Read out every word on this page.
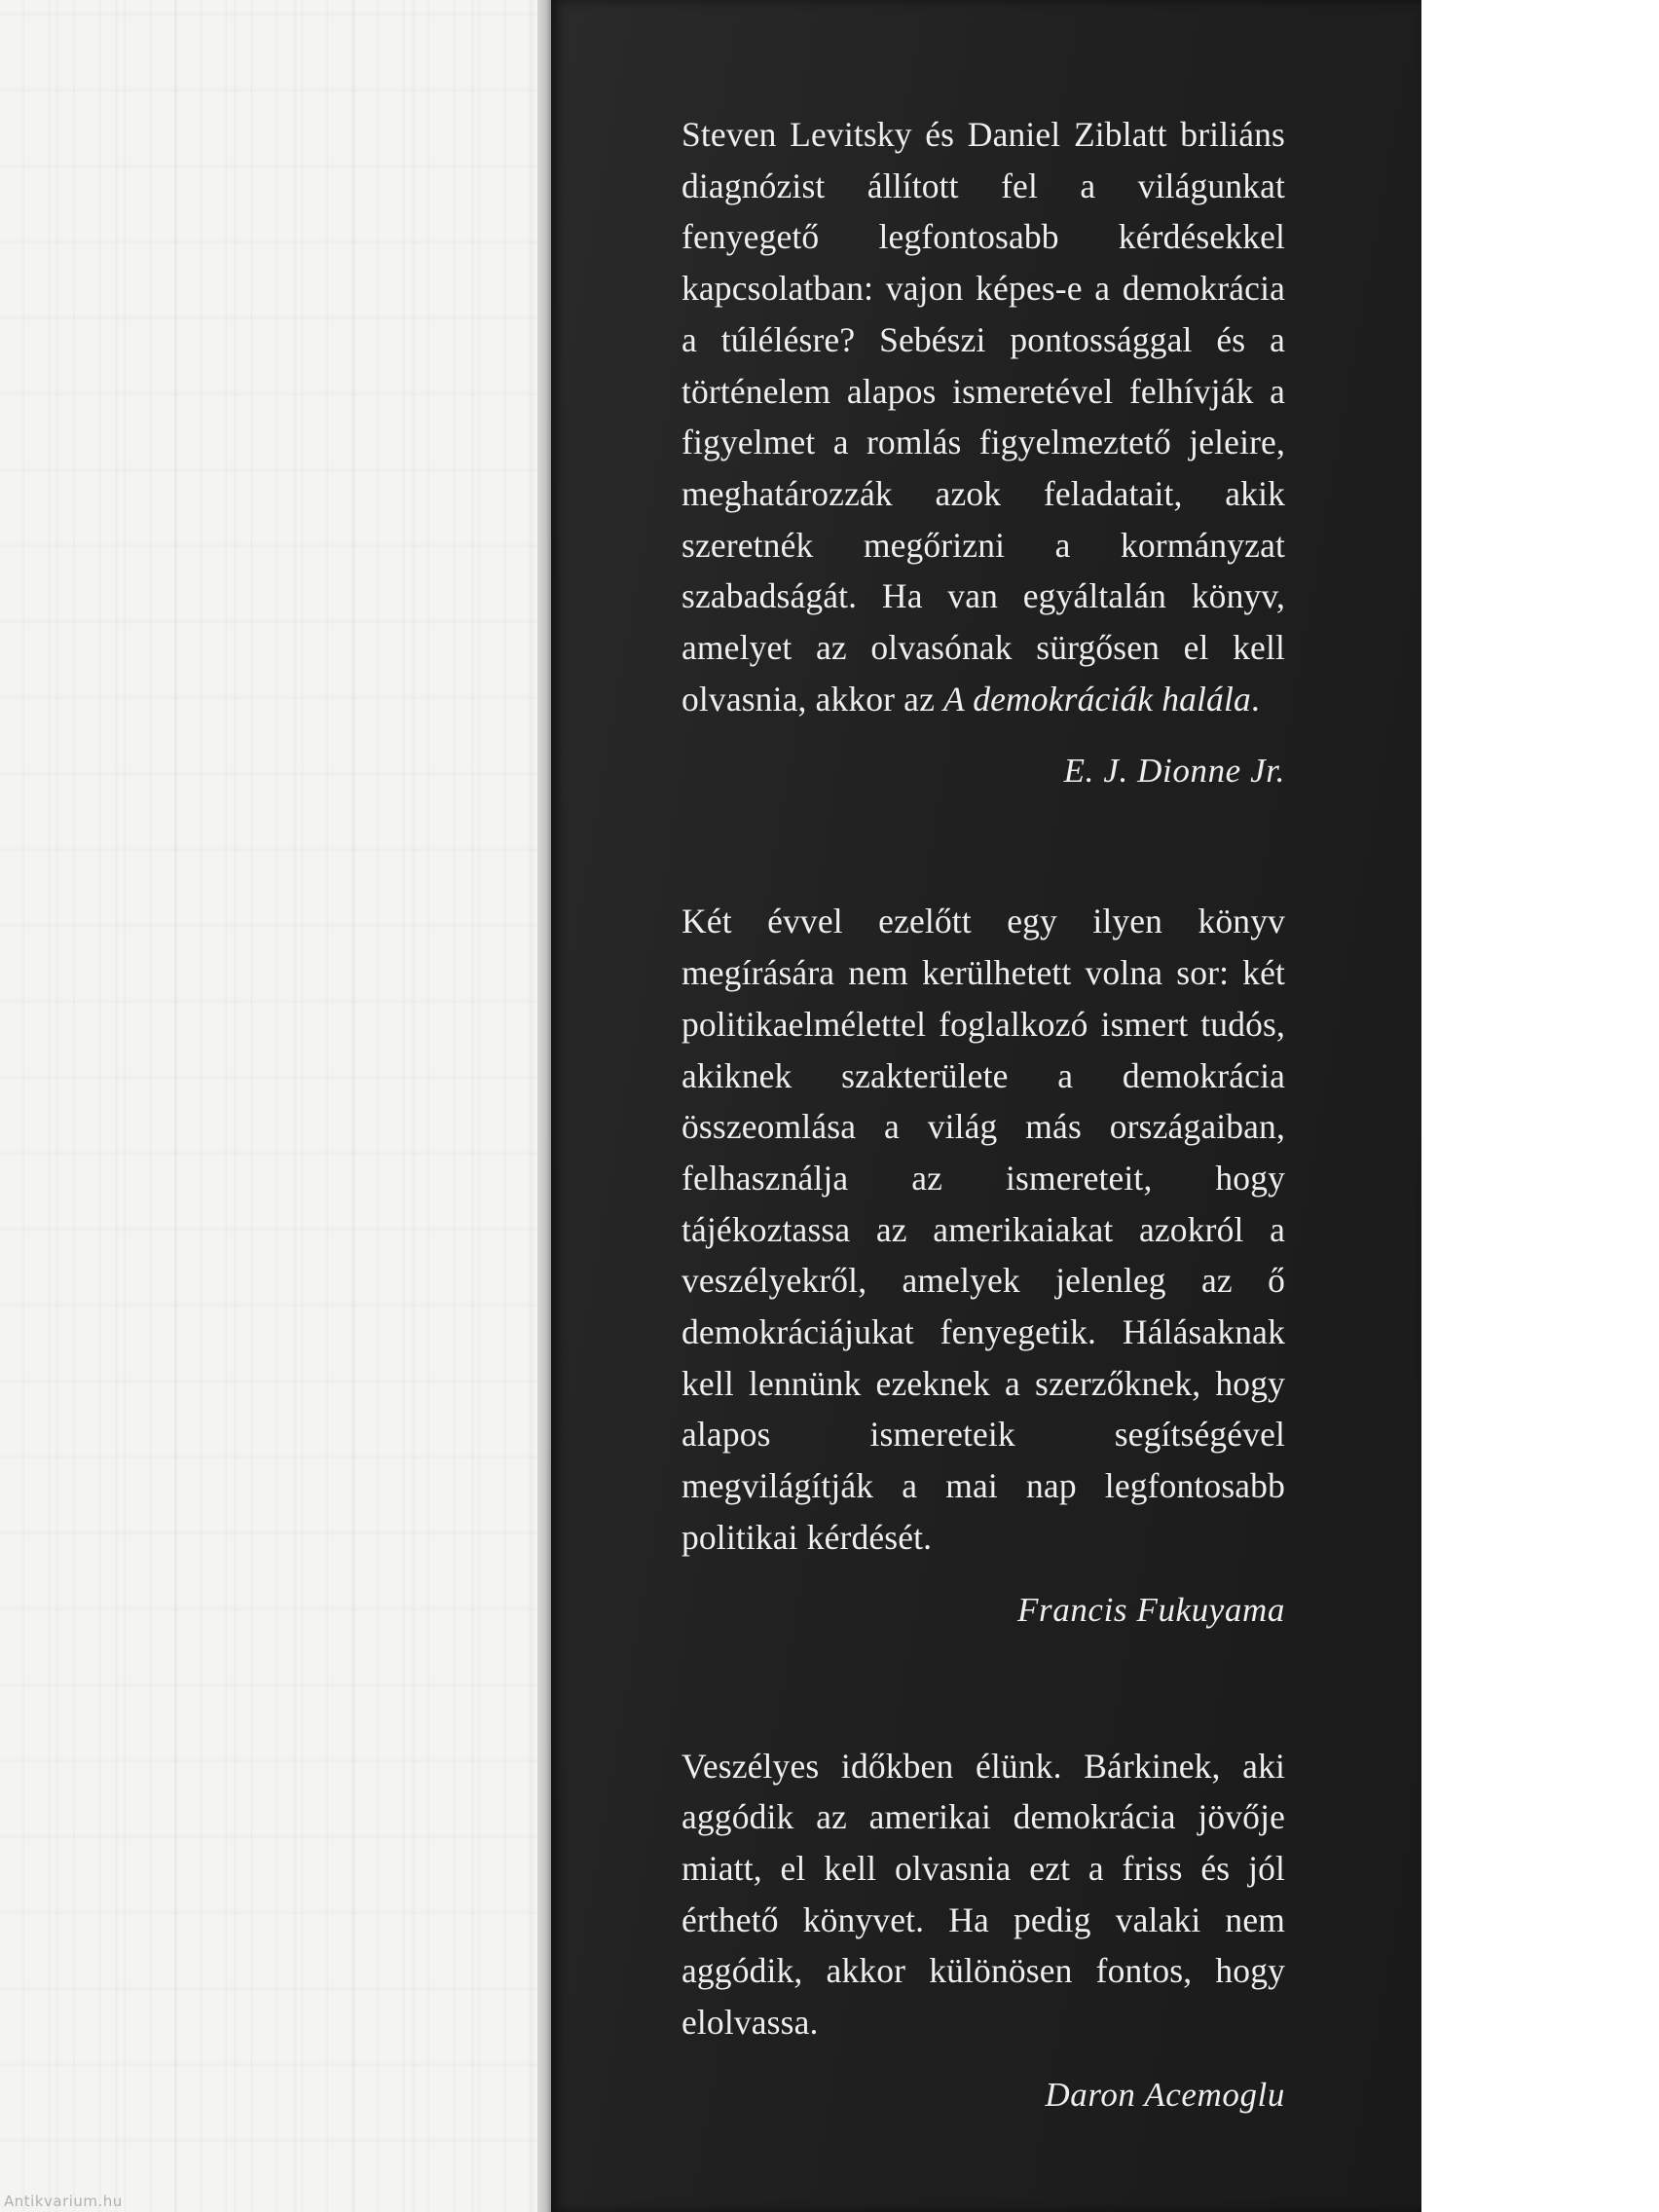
Steven Levitsky és Daniel Ziblatt briliáns diagnózist állított fel a világunkat fenyegető legfontosabb kérdésekkel kapcsolatban: vajon képes-e a demokrácia a túlélésre? Sebészi pontossággal és a történelem alapos ismeretével felhívják a figyelmet a romlás figyelmeztető jeleire, meghatározzák azok feladatait, akik szeretnék megőrizni a kormányzat szabadságát. Ha van egyáltalán könyv, amelyet az olvasónak sürgősen el kell olvasnia, akkor az A demokráciák halála.

E. J. Dionne Jr.

Két évvel ezelőtt egy ilyen könyv megírására nem kerülhetett volna sor: két politikaelmélettel foglalkozó ismert tudós, akiknek szakterülete a demokrácia összeomlása a világ más országaiban, felhasználja az ismereteit, hogy tájékoztassa az amerikaiakat azokról a veszélyekről, amelyek jelenleg az ő demokráciájukat fenyegetik. Hálásaknak kell lennünk ezeknek a szerzőknek, hogy alapos ismereteik segítségével megvilágítják a mai nap legfontosabb politikai kérdését.

Francis Fukuyama

Veszélyes időkben élünk. Bárkinek, aki aggódik az amerikai demokrácia jövője miatt, el kell olvasnia ezt a friss és jól érthető könyvet. Ha pedig valaki nem aggódik, akkor különösen fontos, hogy elolvassa.

Daron Acemoglu

Antikvarium.hu
